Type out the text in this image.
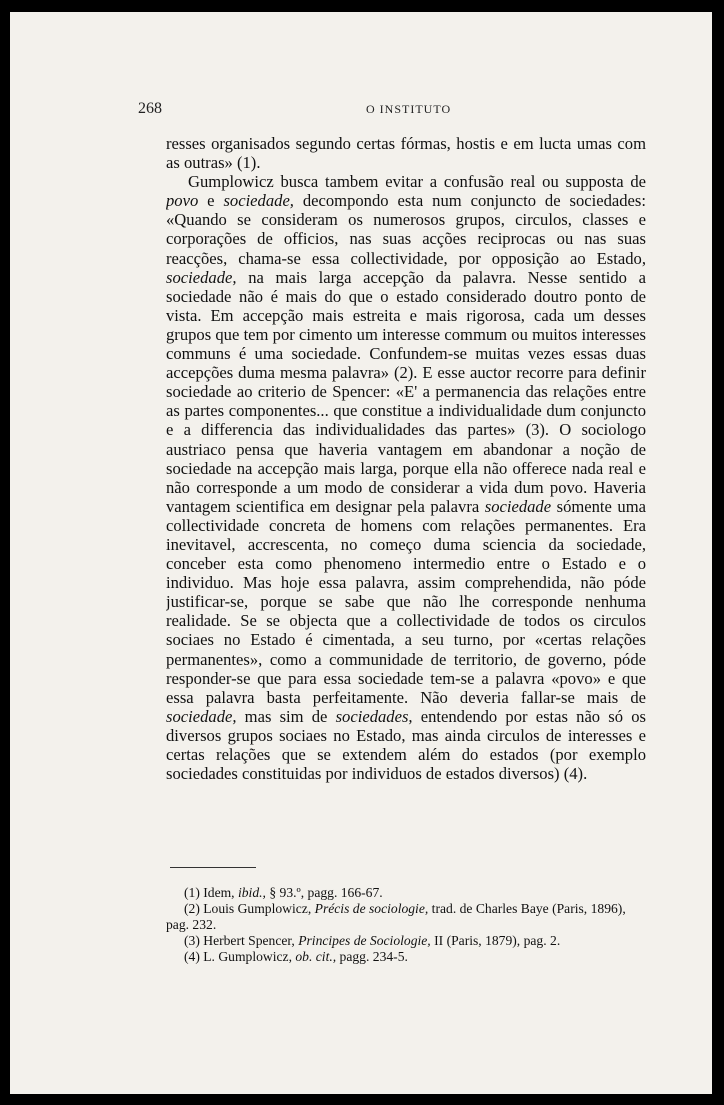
268	O INSTITUTO

resses organisados segundo certas fórmas, hostis e em lucta umas com as outras» (1).

Gumplowicz busca tambem evitar a confusão real ou supposta de povo e sociedade, decompondo esta num conjuncto de sociedades: «Quando se consideram os numerosos grupos, circulos, classes e corporações de officios, nas suas acções reciprocas ou nas suas reacções, chama-se essa collectividade, por opposição ao Estado, sociedade, na mais larga accepção da palavra. Nesse sentido a sociedade não é mais do que o estado considerado doutro ponto de vista. Em accepção mais estreita e mais rigorosa, cada um desses grupos que tem por cimento um interesse commum ou muitos interesses communs é uma sociedade. Confundem-se muitas vezes essas duas accepções duma mesma palavra» (2). E esse auctor recorre para definir sociedade ao criterio de Spencer: «E' a permanencia das relações entre as partes componentes... que constitue a individualidade dum conjuncto e a differencia das individualidades das partes» (3). O sociologo austriaco pensa que haveria vantagem em abandonar a noção de sociedade na accepção mais larga, porque ella não offerece nada real e não corresponde a um modo de considerar a vida dum povo. Haveria vantagem scientifica em designar pela palavra sociedade sómente uma collectividade concreta de homens com relações permanentes. Era inevitavel, accrescenta, no começo duma sciencia da sociedade, conceber esta como phenomeno intermedio entre o Estado e o individuo. Mas hoje essa palavra, assim comprehendida, não póde justificar-se, porque se sabe que não lhe corresponde nenhuma realidade. Se se objecta que a collectividade de todos os circulos sociaes no Estado é cimentada, a seu turno, por «certas relações permanentes», como a communidade de territorio, de governo, póde responder-se que para essa sociedade tem-se a palavra «povo» e que essa palavra basta perfeitamente. Não deveria fallar-se mais de sociedade, mas sim de sociedades, entendendo por estas não só os diversos grupos sociaes no Estado, mas ainda circulos de interesses e certas relações que se extendem além do estados (por exemplo sociedades constituidas por individuos de estados diversos) (4).

(1) Idem, ibid., § 93.º, pagg. 166-67.

(2) Louis Gumplowicz, Précis de sociologie, trad. de Charles Baye (Paris, 1896), pag. 232.

(3) Herbert Spencer, Principes de Sociologie, II (Paris, 1879), pag. 2.

(4) L. Gumplowicz, ob. cit., pagg. 234-5.
